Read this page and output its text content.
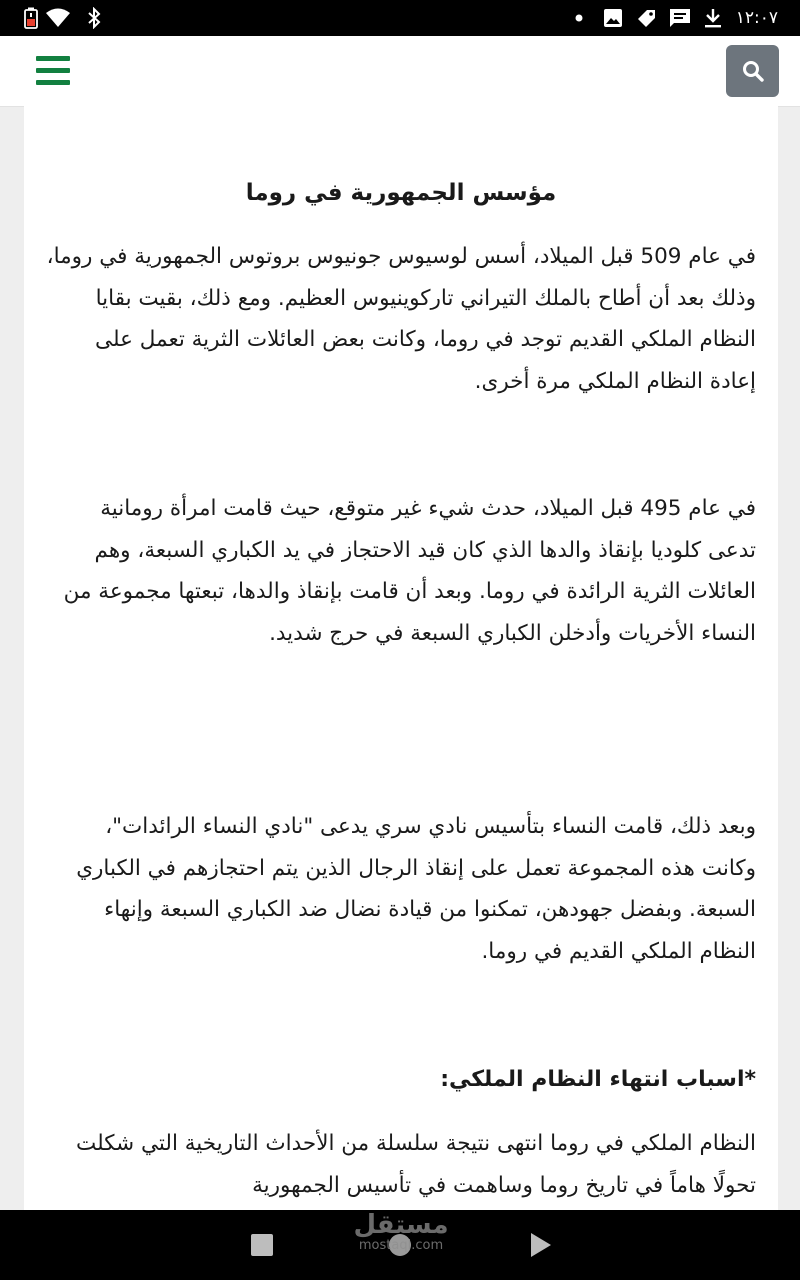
١٢:٠٧
مؤسس الجمهورية في روما
في عام 509 قبل الميلاد، أسس لوسيوس جونيوس بروتوس الجمهورية في روما، وذلك بعد أن أطاح بالملك التيراني تاركوينيوس العظيم. ومع ذلك، بقيت بقايا النظام الملكي القديم توجد في روما، وكانت بعض العائلات الثرية تعمل على إعادة النظام الملكي مرة أخرى.
في عام 495 قبل الميلاد، حدث شيء غير متوقع، حيث قامت امرأة رومانية تدعى كلوديا بإنقاذ والدها الذي كان قيد الاحتجاز في يد الكباري السبعة، وهم العائلات الثرية الرائدة في روما. وبعد أن قامت بإنقاذ والدها، تبعتها مجموعة من النساء الأخريات وأدخلن الكباري السبعة في حرج شديد.
وبعد ذلك، قامت النساء بتأسيس نادي سري يدعى "نادي النساء الرائدات"، وكانت هذه المجموعة تعمل على إنقاذ الرجال الذين يتم احتجازهم في الكباري السبعة. وبفضل جهودهن، تمكنوا من قيادة نضال ضد الكباري السبعة وإنهاء النظام الملكي القديم في روما.
*اسباب انتهاء النظام الملكي:
النظام الملكي في روما انتهى نتيجة سلسلة من الأحداث التاريخية التي شكلت تحولًا هاماً في تاريخ روما وساهمت في تأسيس الجمهورية
مستقل
mostaql.com
